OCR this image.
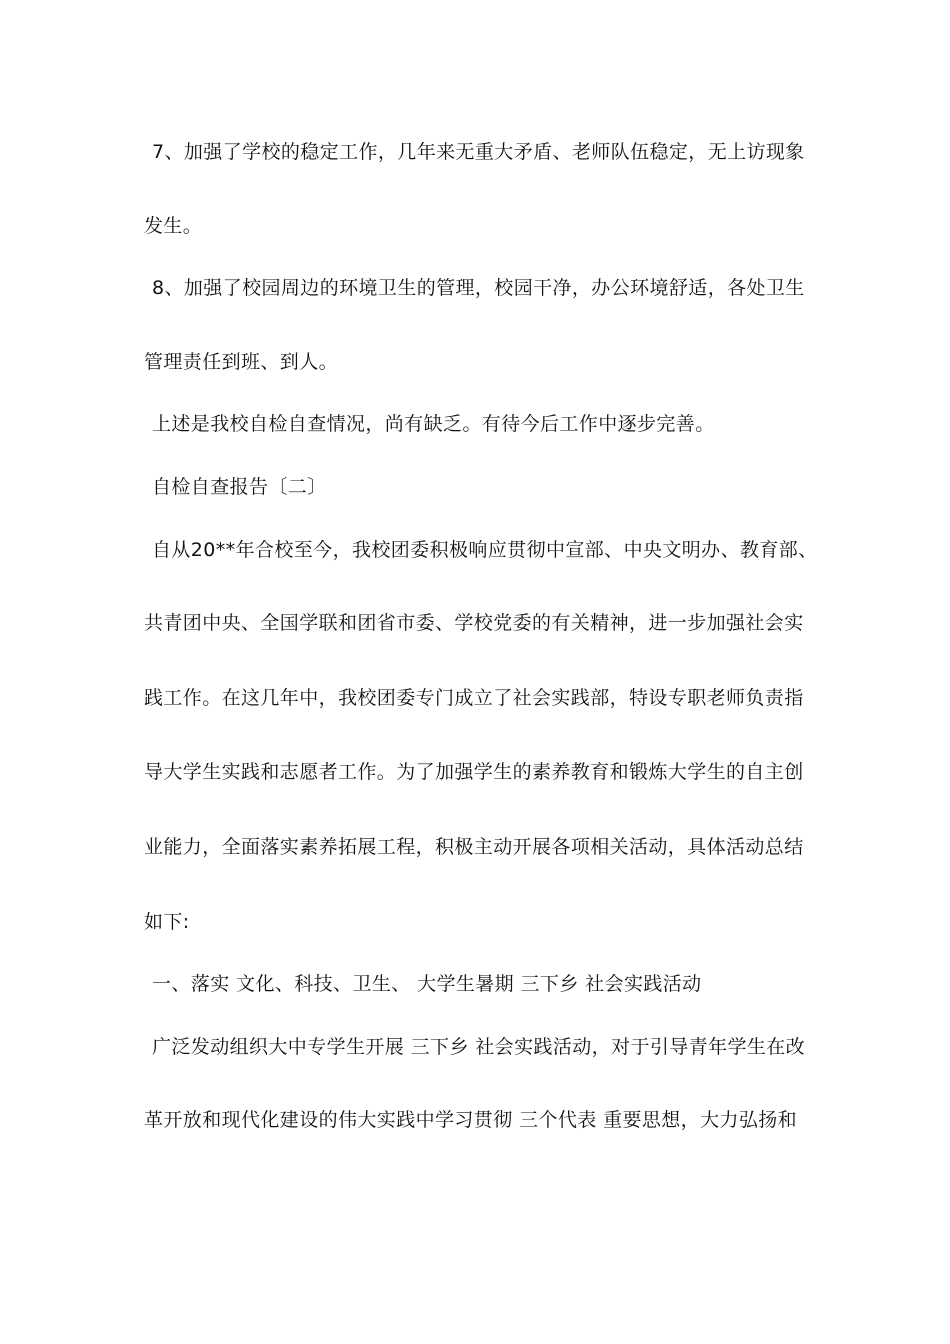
7、加强了学校的稳定工作，几年来无重大矛盾、老师队伍稳定，无上访现象

发生。

8、加强了校园周边的环境卫生的管理，校园干净，办公环境舒适，各处卫生

管理责任到班、到人。

上述是我校自检自查情况，尚有缺乏。有待今后工作中逐步完善。

自检自查报告〔二〕

自从20**年合校至今，我校团委积极响应贯彻中宣部、中央文明办、教育部、

共青团中央、全国学联和团省市委、学校党委的有关精神，进一步加强社会实

践工作。在这几年中，我校团委专门成立了社会实践部，特设专职老师负责指

导大学生实践和志愿者工作。为了加强学生的素养教育和锻炼大学生的自主创

业能力，全面落实素养拓展工程，积极主动开展各项相关活动，具体活动总结

如下:

一、落实 文化、科技、卫生、 大学生暑期 三下乡 社会实践活动

广泛发动组织大中专学生开展 三下乡 社会实践活动，对于引导青年学生在改

革开放和现代化建设的伟大实践中学习贯彻 三个代表 重要思想，大力弘扬和
